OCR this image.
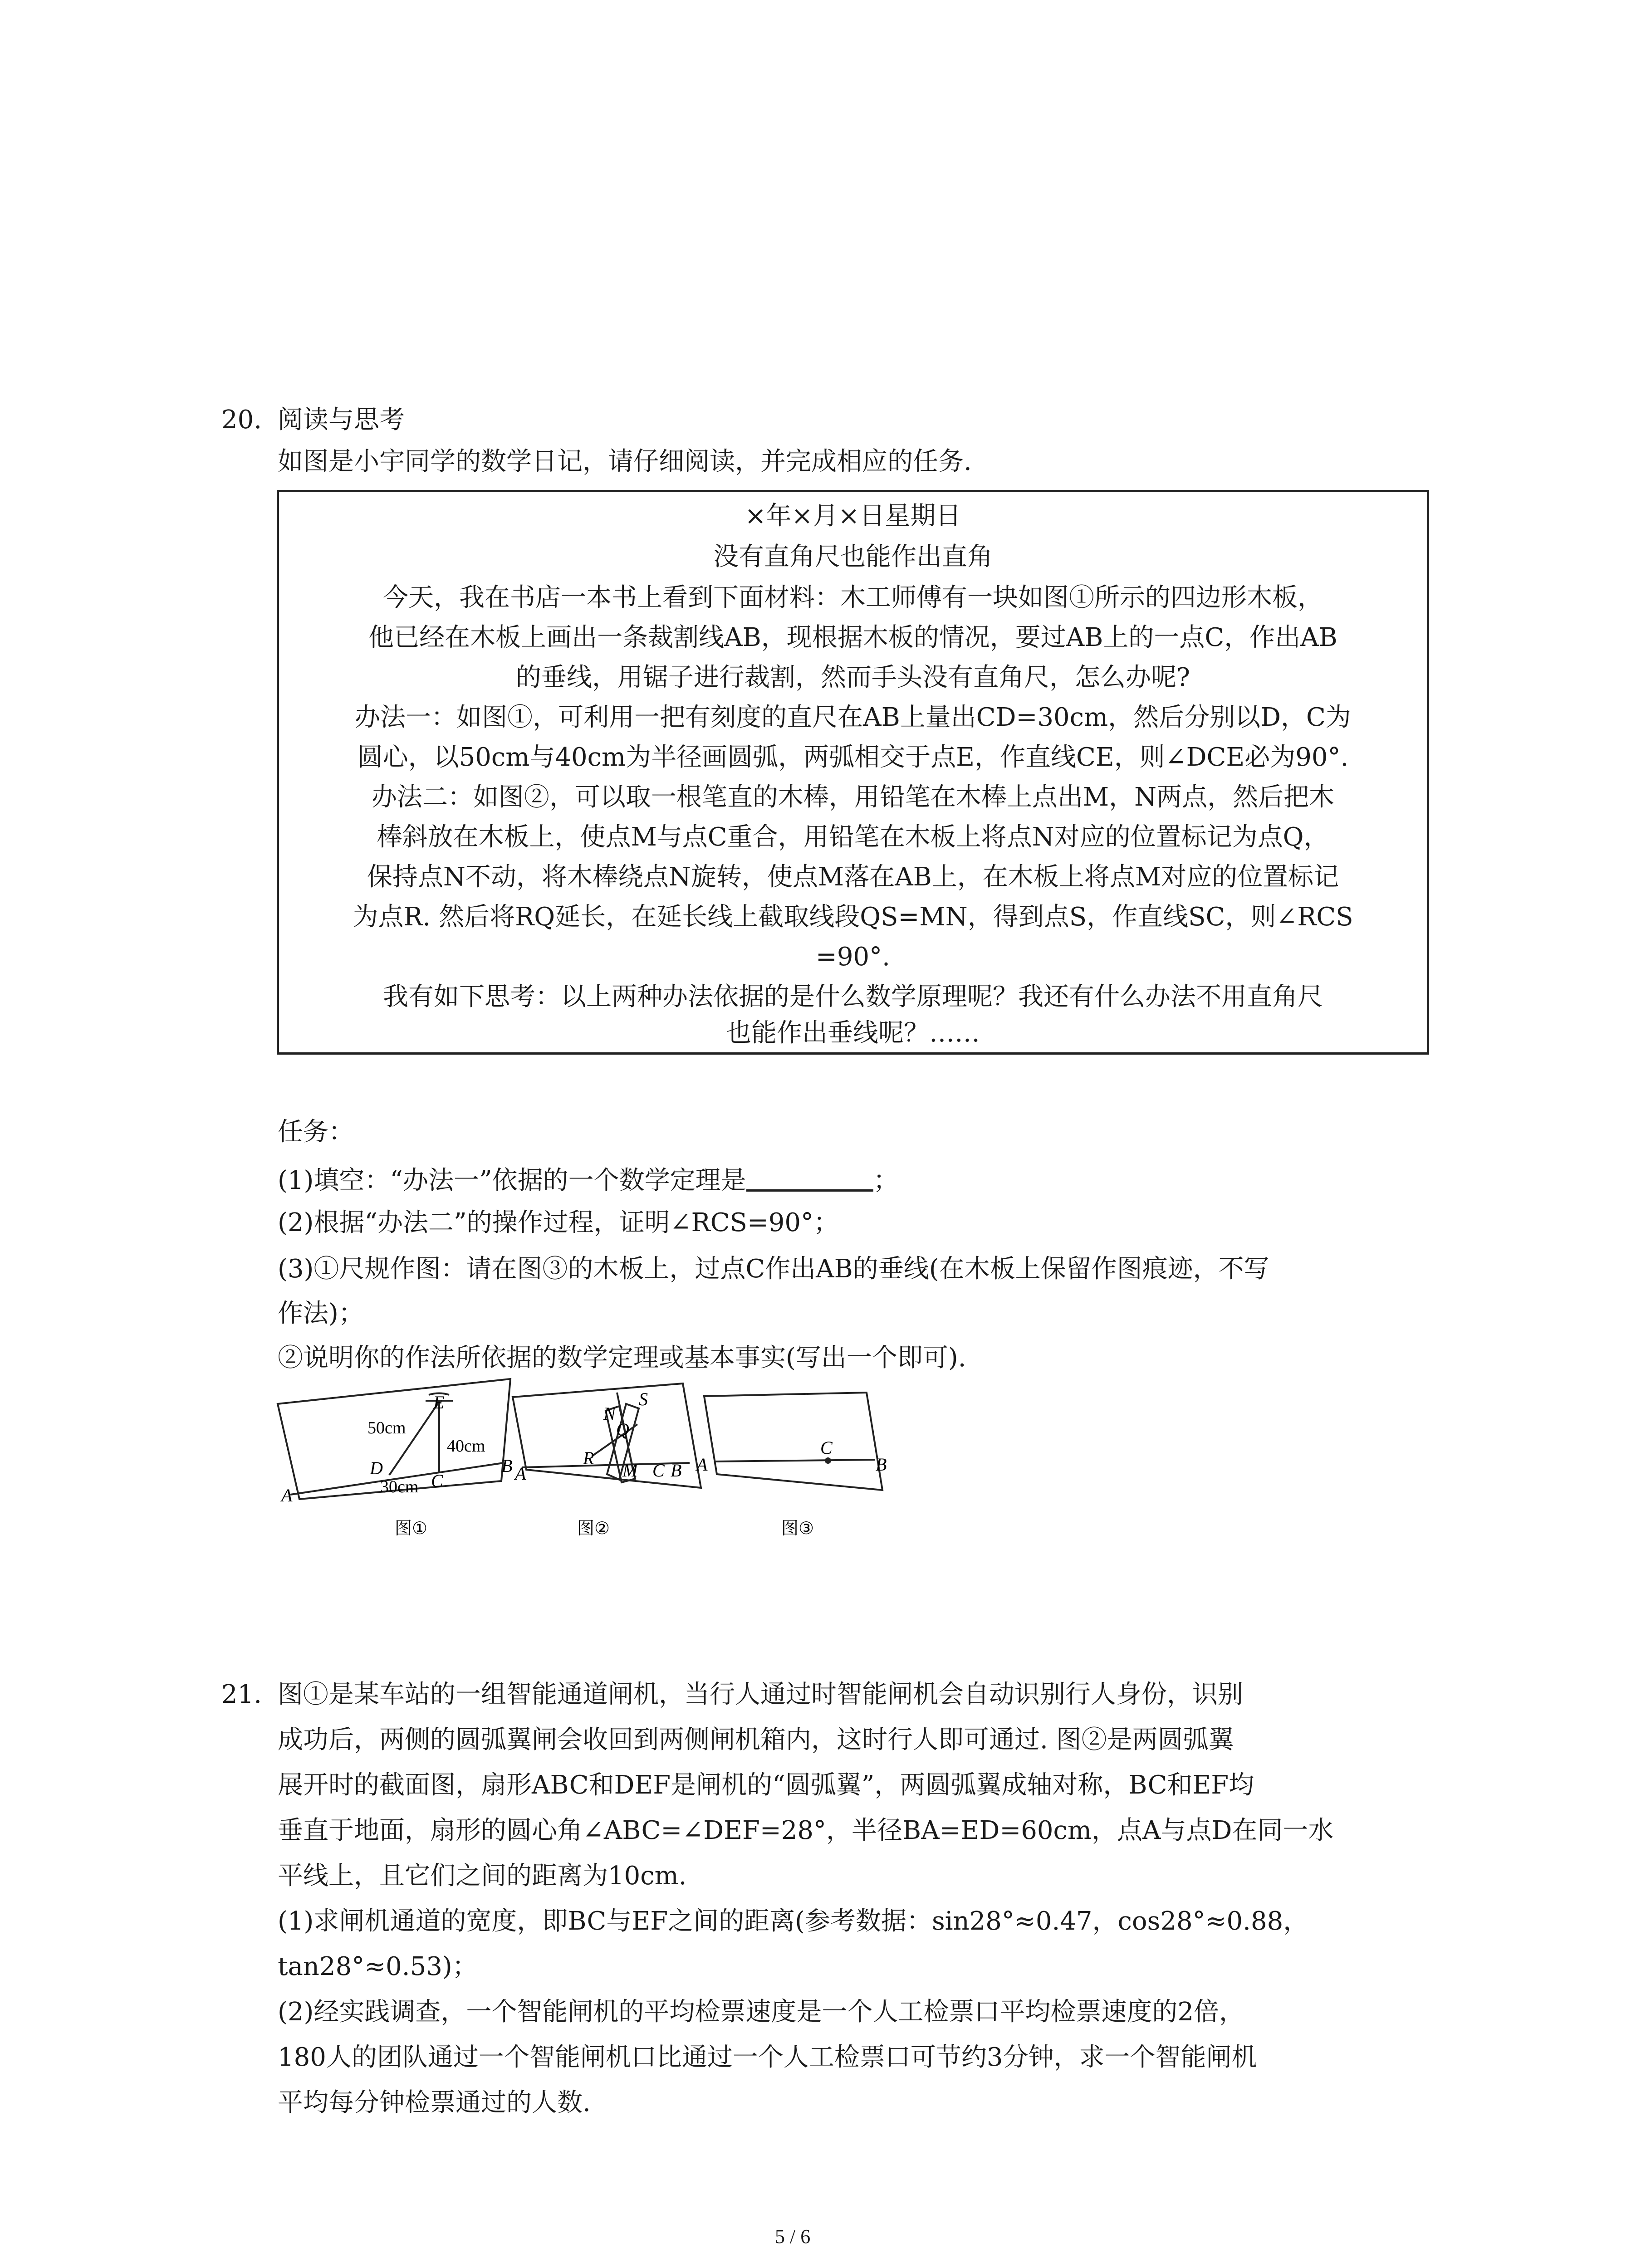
20. 阅读与思考
如图是小宇同学的数学日记，请仔细阅读，并完成相应的任务.
×年×月×日星期日
没有直角尺也能作出直角
今天，我在书店一本书上看到下面材料：木工师傅有一块如图①所示的四边形木板，
他已经在木板上画出一条裁割线AB，现根据木板的情况，要过AB上的一点C，作出AB
的垂线，用锯子进行裁割，然而手头没有直角尺，怎么办呢?
办法一：如图①，可利用一把有刻度的直尺在AB上量出CD=30cm，然后分别以D，C为
圆心，以50cm与40cm为半径画圆弧，两弧相交于点E，作直线CE，则∠DCE必为90°.
办法二：如图②，可以取一根笔直的木棒，用铅笔在木棒上点出M，N两点，然后把木
棒斜放在木板上，使点M与点C重合，用铅笔在木板上将点N对应的位置标记为点Q，
保持点N不动，将木棒绕点N旋转，使点M落在AB上，在木板上将点M对应的位置标记
为点R. 然后将RQ延长，在延长线上截取线段QS=MN，得到点S，作直线SC，则∠RCS
=90°.
我有如下思考：以上两种办法依据的是什么数学原理呢？我还有什么办法不用直角尺
也能作出垂线呢？……
任务：
(1)填空：“办法一”依据的一个数学定理是	；
(2)根据“办法二”的操作过程，证明∠RCS=90°；
(3)①尺规作图：请在图③的木板上，过点C作出AB的垂线(在木板上保留作图痕迹，不写
作法)；
②说明你的作法所依据的数学定理或基本事实(写出一个即可).
E
50cm
40cm
D
C
30cm
B
A
图①
S
N
Q
R
M C B
A
图②
C
A	B
图③
21. 图①是某车站的一组智能通道闸机，当行人通过时智能闸机会自动识别行人身份，识别
成功后，两侧的圆弧翼闸会收回到两侧闸机箱内，这时行人即可通过. 图②是两圆弧翼
展开时的截面图，扇形ABC和DEF是闸机的“圆弧翼”，两圆弧翼成轴对称，BC和EF均
垂直于地面，扇形的圆心角∠ABC=∠DEF=28°，半径BA=ED=60cm，点A与点D在同一水
平线上，且它们之间的距离为10cm.
(1)求闸机通道的宽度，即BC与EF之间的距离(参考数据：sin28°≈0.47，cos28°≈0.88，
tan28°≈0.53)；
(2)经实践调查，一个智能闸机的平均检票速度是一个人工检票口平均检票速度的2倍，
180人的团队通过一个智能闸机口比通过一个人工检票口可节约3分钟，求一个智能闸机
平均每分钟检票通过的人数.
5 / 6
